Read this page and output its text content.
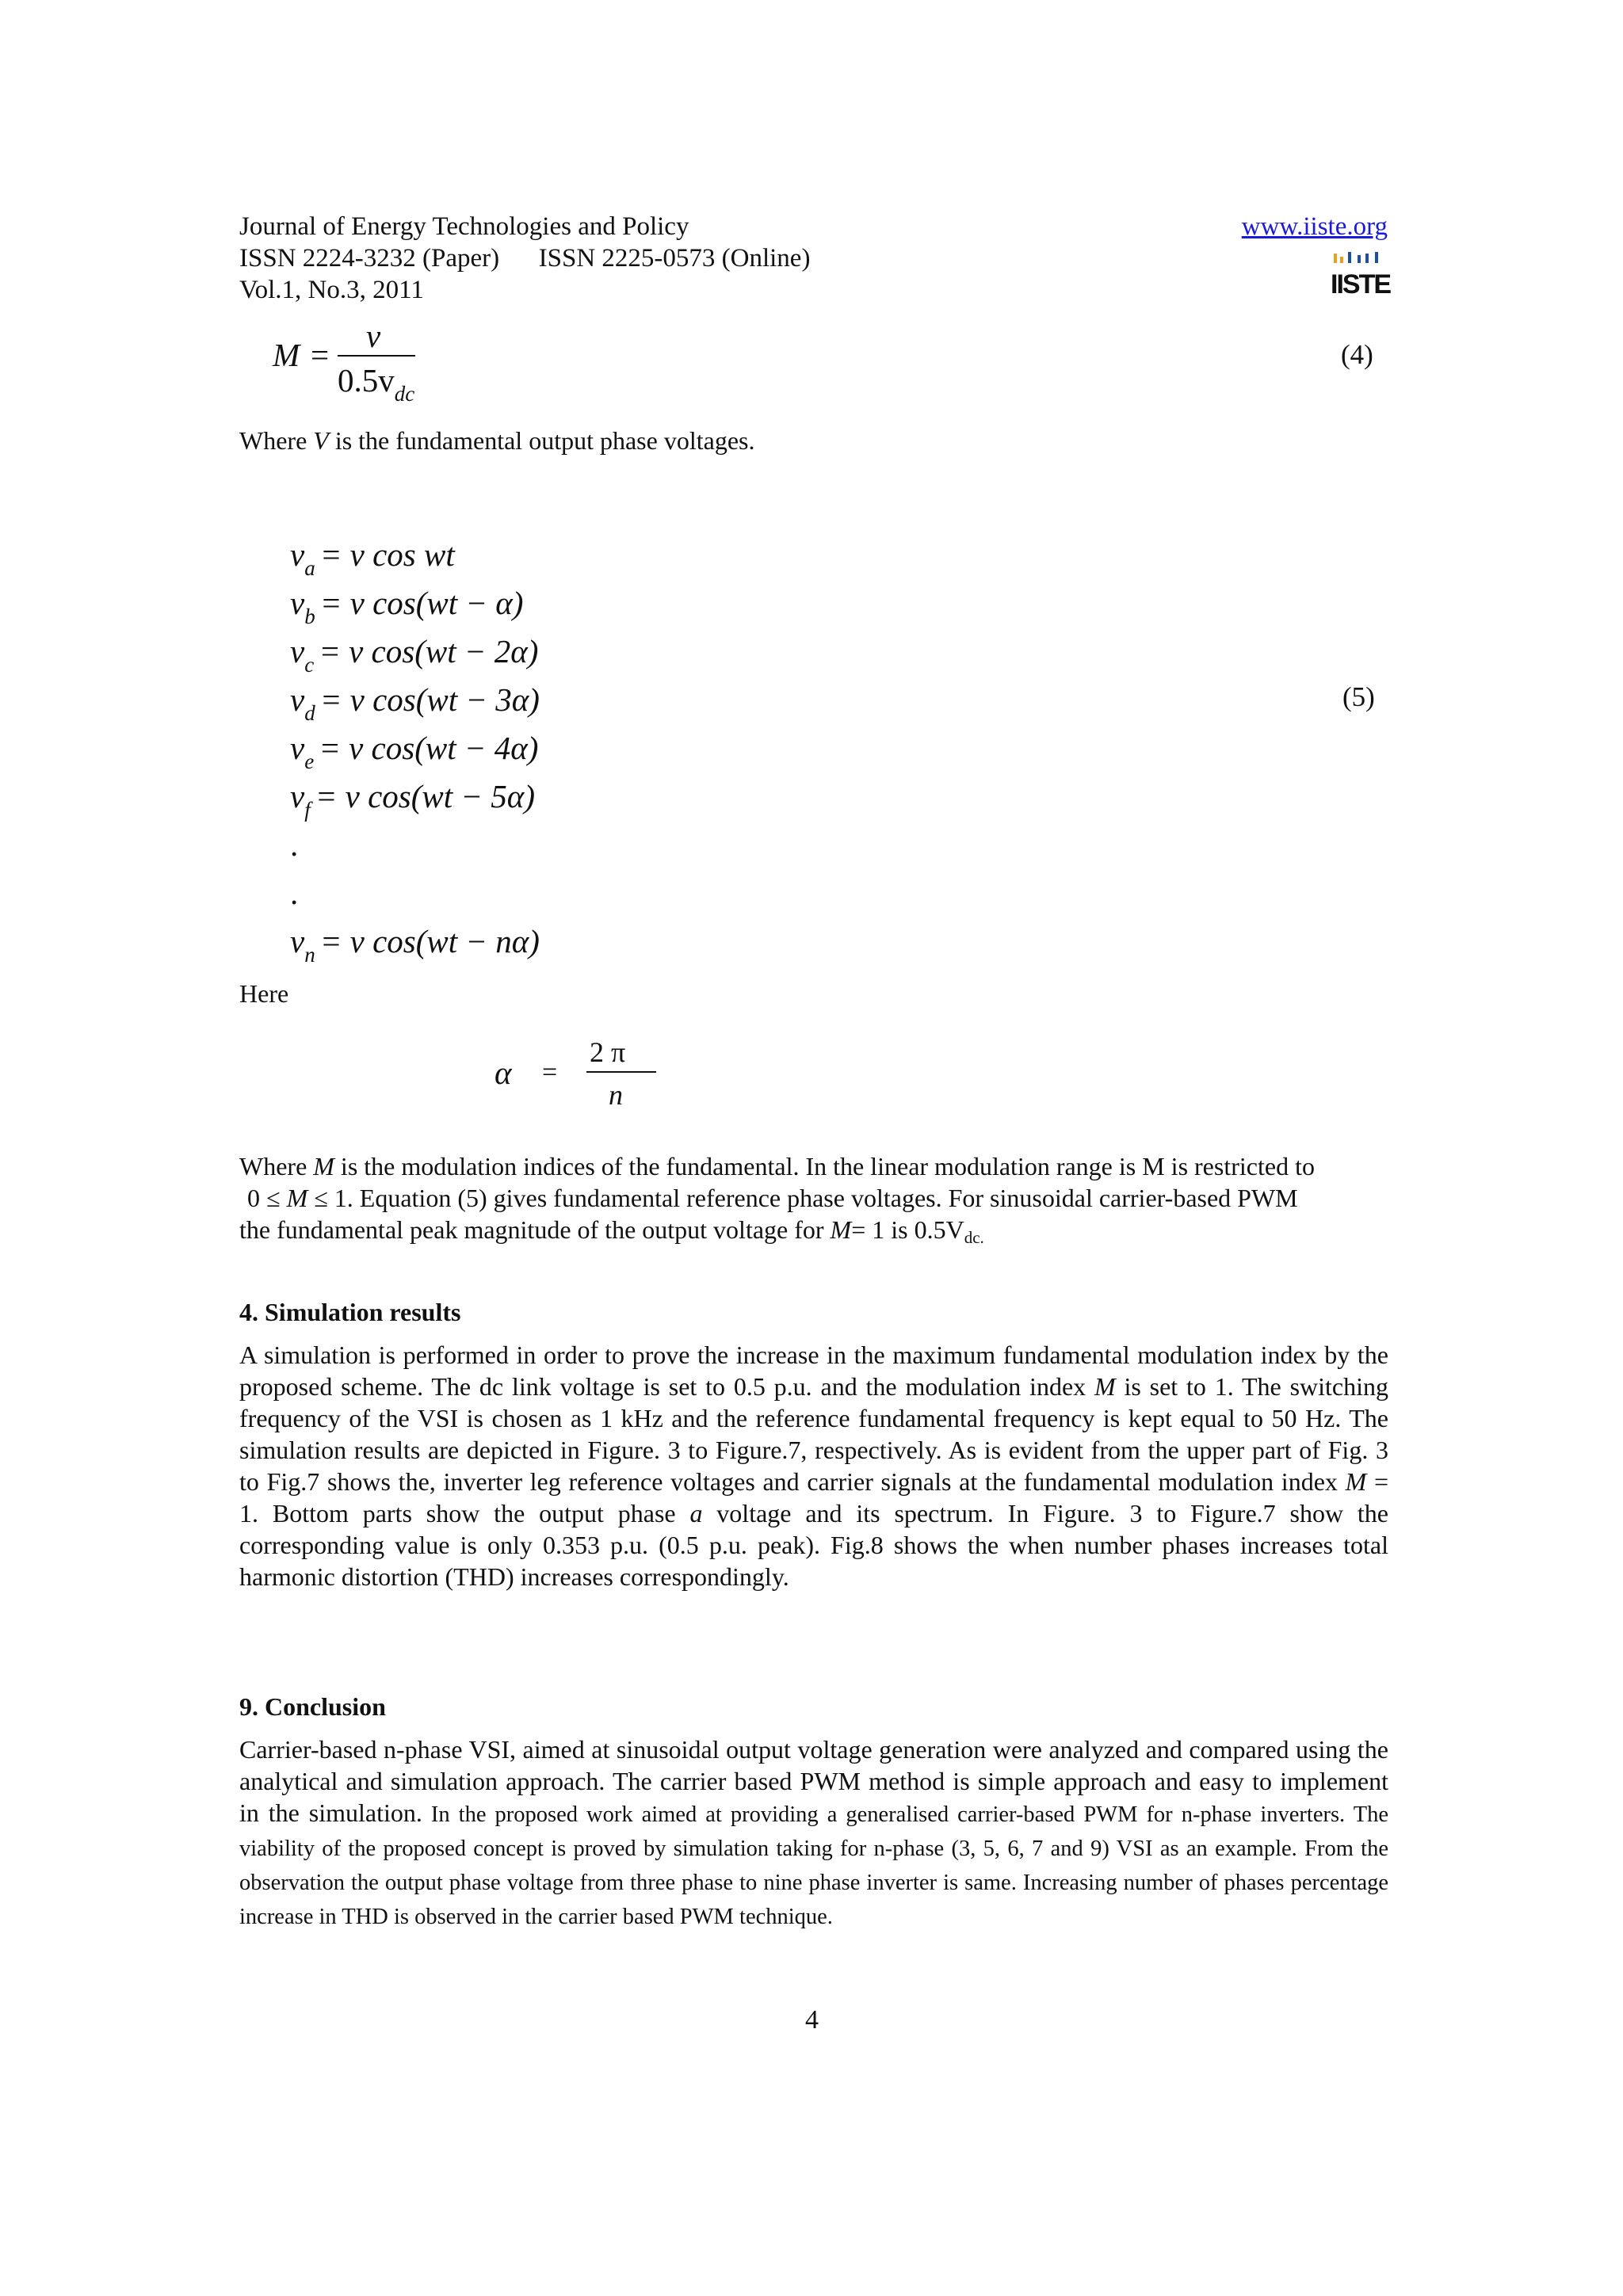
Journal of Energy Technologies and Policy
ISSN 2224-3232 (Paper)      ISSN 2225-0573 (Online)
Vol.1, No.3, 2011
www.iiste.org
IISTE
M =
v
$0.5v_{dc}$
(4)
Where V is the fundamental output phase voltages.
$v_a = v$ cos wt
$v_b = v$ cos(wt − α)
$v_c = v$ cos(wt − 2α)
$v_d = v$ cos(wt − 3α)
$v_e = v$ cos(wt − 4α)
$v_f = v$ cos(wt − 5α)
.
.
$v_n = v$ cos(wt − nα)
(5)
Here
α =
2 π
n
Where M is the modulation indices of the fundamental. In the linear modulation range is M is restricted to
0 ≤ M ≤ 1. Equation (5) gives fundamental reference phase voltages. For sinusoidal carrier-based PWM
the fundamental peak magnitude of the output voltage for M= 1 is 0.5Vdc.
4. Simulation results
A simulation is performed in order to prove the increase in the maximum fundamental modulation index by the proposed scheme. The dc link voltage is set to 0.5 p.u. and the modulation index M is set to 1. The switching frequency of the VSI is chosen as 1 kHz and the reference fundamental frequency is kept equal to 50 Hz. The simulation results are depicted in Figure. 3 to Figure.7, respectively. As is evident from the upper part of Fig. 3 to Fig.7 shows the, inverter leg reference voltages and carrier signals at the fundamental modulation index M = 1. Bottom parts show the output phase a voltage and its spectrum. In Figure. 3 to Figure.7 show the corresponding value is only 0.353 p.u. (0.5 p.u. peak). Fig.8 shows the when number phases increases total harmonic distortion (THD) increases correspondingly.
9. Conclusion
Carrier-based n-phase VSI, aimed at sinusoidal output voltage generation were analyzed and compared using the analytical and simulation approach. The carrier based PWM method is simple approach and easy to implement in the simulation. In the proposed work aimed at providing a generalised carrier-based PWM for n-phase inverters. The viability of the proposed concept is proved by simulation taking for n-phase (3, 5, 6, 7 and 9) VSI as an example. From the observation the output phase voltage from three phase to nine phase inverter is same. Increasing number of phases percentage increase in THD is observed in the carrier based PWM technique.
4
